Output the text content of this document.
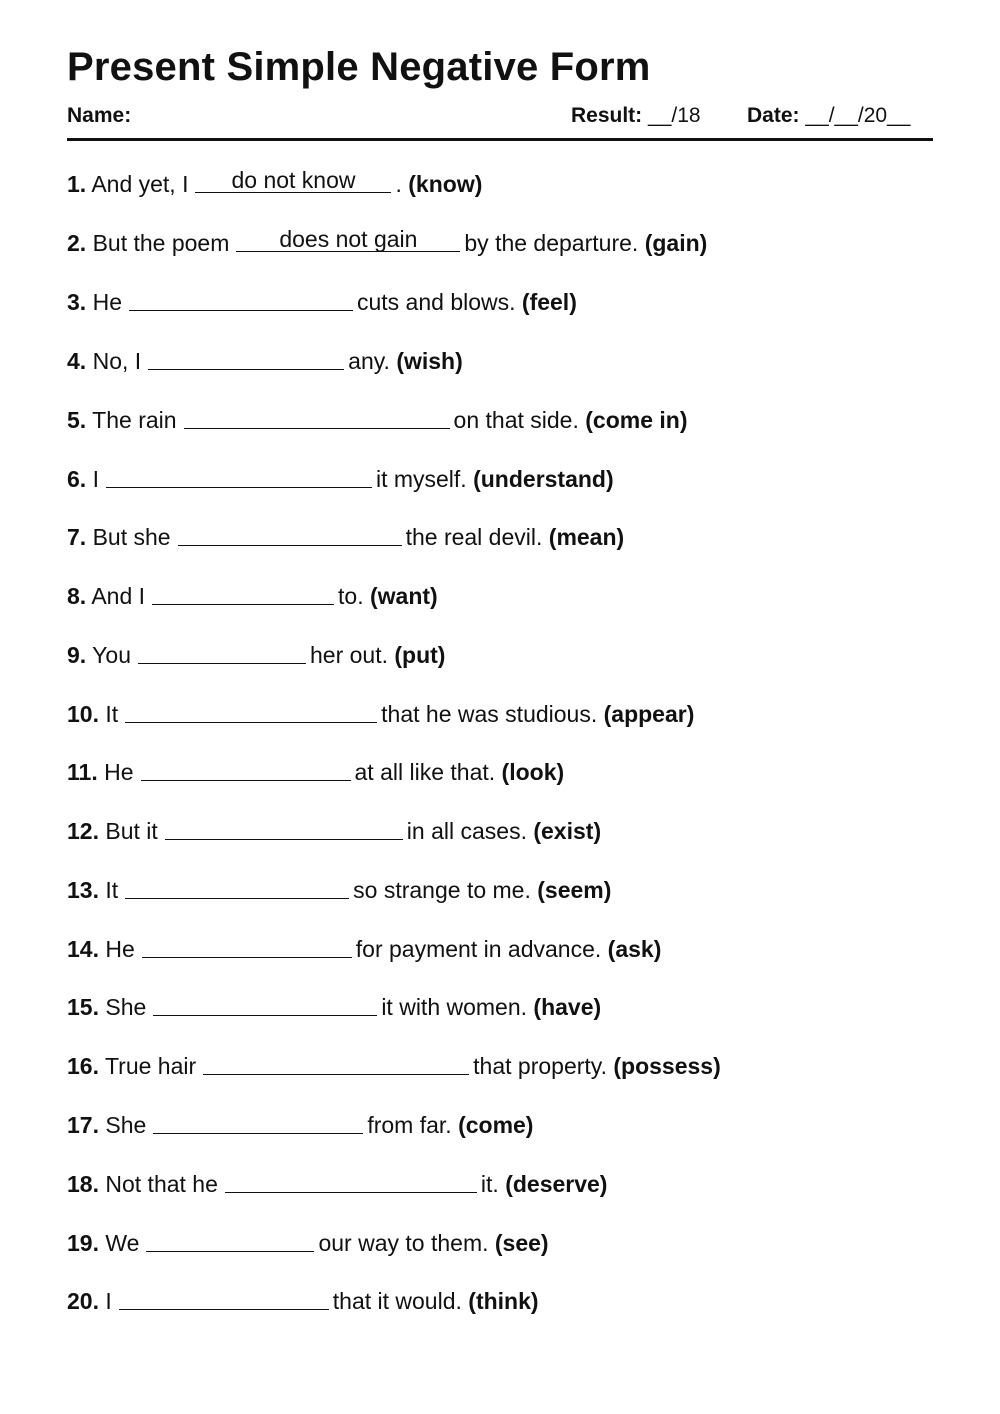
Present Simple Negative Form
Name:	Result: __/18 Date: __/__/20__
1. And yet, I	do not know	. (know)
2. But the poem	does not gain	by the departure. (gain)
3. He	cuts and blows. (feel)
4. No, I	any. (wish)
5. The rain	on that side. (come in)
6. I	it myself. (understand)
7. But she	the real devil. (mean)
8. And I	to. (want)
9. You	her out. (put)
10. It	that he was studious. (appear)
11. He	at all like that. (look)
12. But it	in all cases. (exist)
13. It	so strange to me. (seem)
14. He	for payment in advance. (ask)
15. She	it with women. (have)
16. True hair	that property. (possess)
17. She	from far. (come)
18. Not that he	it. (deserve)
19. We	our way to them. (see)
20. I	that it would. (think)
